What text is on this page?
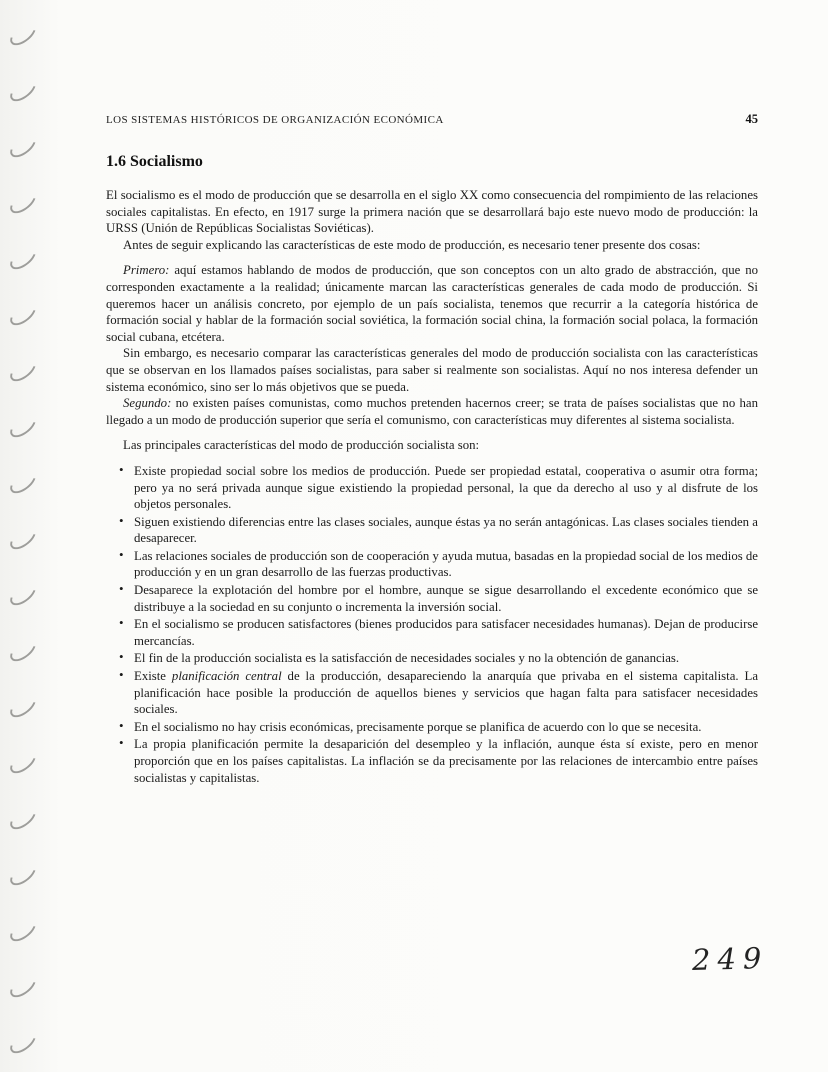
LOS SISTEMAS HISTÓRICOS DE ORGANIZACIÓN ECONÓMICA	45
1.6 Socialismo

El socialismo es el modo de producción que se desarrolla en el siglo XX como consecuencia del rompimiento de las relaciones sociales capitalistas. En efecto, en 1917 surge la primera nación que se desarrollará bajo este nuevo modo de producción: la URSS (Unión de Repúblicas Socialistas Soviéticas).

Antes de seguir explicando las características de este modo de producción, es necesario tener presente dos cosas:

Primero: aquí estamos hablando de modos de producción, que son conceptos con un alto grado de abstracción, que no corresponden exactamente a la realidad; únicamente marcan las características generales de cada modo de producción. Si queremos hacer un análisis concreto, por ejemplo de un país socialista, tenemos que recurrir a la categoría histórica de formación social y hablar de la formación social soviética, la formación social china, la formación social polaca, la formación social cubana, etcétera.

Sin embargo, es necesario comparar las características generales del modo de producción socialista con las características que se observan en los llamados países socialistas, para saber si realmente son socialistas. Aquí no nos interesa defender un sistema económico, sino ser lo más objetivos que se pueda.

Segundo: no existen países comunistas, como muchos pretenden hacernos creer; se trata de países socialistas que no han llegado a un modo de producción superior que sería el comunismo, con características muy diferentes al sistema socialista.

Las principales características del modo de producción socialista son:

• Existe propiedad social sobre los medios de producción. Puede ser propiedad estatal, cooperativa o asumir otra forma; pero ya no será privada aunque sigue existiendo la propiedad personal, la que da derecho al uso y al disfrute de los objetos personales.
• Siguen existiendo diferencias entre las clases sociales, aunque éstas ya no serán antagónicas. Las clases sociales tienden a desaparecer.
• Las relaciones sociales de producción son de cooperación y ayuda mutua, basadas en la propiedad social de los medios de producción y en un gran desarrollo de las fuerzas productivas.
• Desaparece la explotación del hombre por el hombre, aunque se sigue desarrollando el excedente económico que se distribuye a la sociedad en su conjunto o incrementa la inversión social.
• En el socialismo se producen satisfactores (bienes producidos para satisfacer necesidades humanas). Dejan de producirse mercancías.
• El fin de la producción socialista es la satisfacción de necesidades sociales y no la obtención de ganancias.
• Existe planificación central de la producción, desapareciendo la anarquía que privaba en el sistema capitalista. La planificación hace posible la producción de aquellos bienes y servicios que hagan falta para satisfacer necesidades sociales.
• En el socialismo no hay crisis económicas, precisamente porque se planifica de acuerdo con lo que se necesita.
• La propia planificación permite la desaparición del desempleo y la inflación, aunque ésta sí existe, pero en menor proporción que en los países capitalistas. La inflación se da precisamente por las relaciones de intercambio entre países socialistas y capitalistas.
249
